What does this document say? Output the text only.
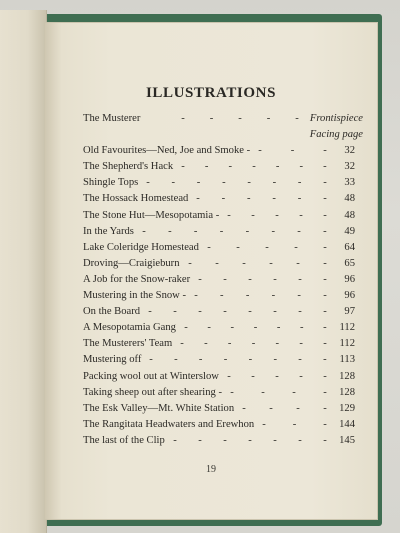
ILLUSTRATIONS
The Musterer	- - - - -	Frontispiece
Facing page
Old Favourites—Ned, Joe and Smoke - -	-	-	32
The Shepherd's Hack - - - - - - -	32
Shingle Tops - - - - - - - -	33
The Hossack Homestead - - - - - -	48
The Stone Hut—Mesopotamia - - - - - -	48
In the Yards - - - - - - - -	49
Lake Coleridge Homestead - - - - -	64
Droving—Craigieburn - - - - - -	65
A Job for the Snow-raker - - - - - -	96
Mustering in the Snow - - - - - - -	96
On the Board - - - - - - - -	97
A Mesopotamia Gang - - - - - - -	112
The Musterers' Team - - - - - - -	112
Mustering off - - - - - - - -	113
Packing wool out at Winterslow - - - - -	128
Taking sheep out after shearing - -	-	-	-	128
The Esk Valley—Mt. White Station - - - -	129
The Rangitata Headwaters and Erewhon -	-	-	144
The last of the Clip - - - - - - -	145
19
